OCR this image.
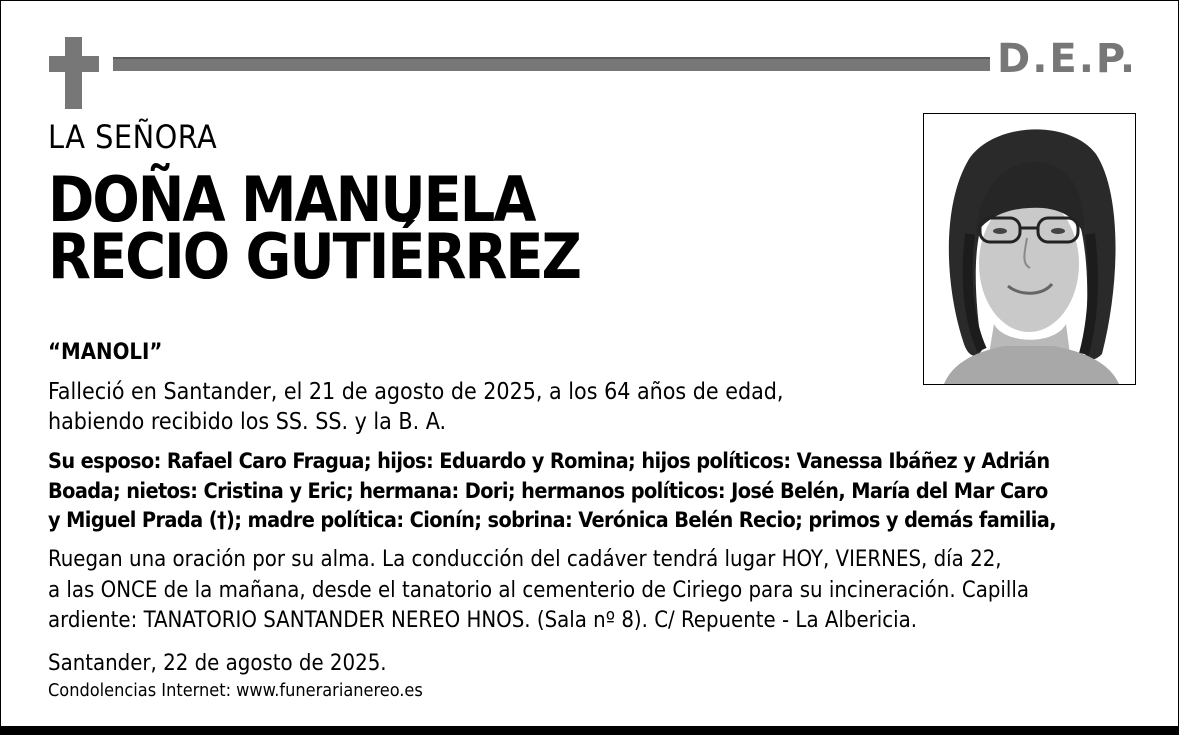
D.E.P.
LA SEÑORA
DOÑA MANUELA
RECIO GUTIÉRREZ
“MANOLI”
Falleció en Santander, el 21 de agosto de 2025, a los 64 años de edad,
habiendo recibido los SS. SS. y la B. A.
Su esposo: Rafael Caro Fragua; hijos: Eduardo y Romina; hijos políticos: Vanessa Ibáñez y Adrián
Boada; nietos: Cristina y Eric; hermana: Dori; hermanos políticos: José Belén, María del Mar Caro
y Miguel Prada (†); madre política: Cionín; sobrina: Verónica Belén Recio; primos y demás familia,
Ruegan una oración por su alma. La conducción del cadáver tendrá lugar HOY, VIERNES, día 22,
a las ONCE de la mañana, desde el tanatorio al cementerio de Ciriego para su incineración. Capilla
ardiente: TANATORIO SANTANDER NEREO HNOS. (Sala nº 8). C/ Repuente - La Albericia.
Santander, 22 de agosto de 2025.
Condolencias Internet: www.funerarianereo.es
